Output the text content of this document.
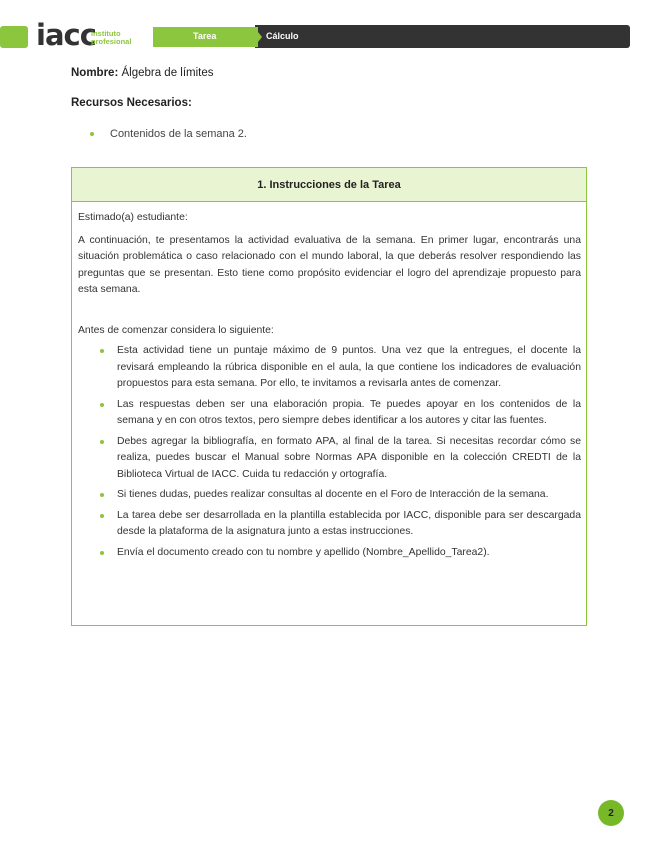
iacc
instituto
profesional
Tarea	Cálculo
Nombre: Álgebra de límites
Recursos Necesarios:
Contenidos de la semana 2.
1. Instrucciones de la Tarea

Estimado(a) estudiante:

A continuación, te presentamos la actividad evaluativa de la semana. En primer lugar, encontrarás una situación problemática o caso relacionado con el mundo laboral, la que deberás resolver respondiendo las preguntas que se presentan. Esto tiene como propósito evidenciar el logro del aprendizaje propuesto para esta semana.

Antes de comenzar considera lo siguiente:

Esta actividad tiene un puntaje máximo de 9 puntos. Una vez que la entregues, el docente la revisará empleando la rúbrica disponible en el aula, la que contiene los indicadores de evaluación propuestos para esta semana. Por ello, te invitamos a revisarla antes de comenzar.
Las respuestas deben ser una elaboración propia. Te puedes apoyar en los contenidos de la semana y en con otros textos, pero siempre debes identificar a los autores y citar las fuentes.
Debes agregar la bibliografía, en formato APA, al final de la tarea. Si necesitas recordar cómo se realiza, puedes buscar el Manual sobre Normas APA disponible en la colección CREDTI de la Biblioteca Virtual de IACC. Cuida tu redacción y ortografía.
Si tienes dudas, puedes realizar consultas al docente en el Foro de Interacción de la semana.
La tarea debe ser desarrollada en la plantilla establecida por IACC, disponible para ser descargada desde la plataforma de la asignatura junto a estas instrucciones.
Envía el documento creado con tu nombre y apellido (Nombre_Apellido_Tarea2).
2
